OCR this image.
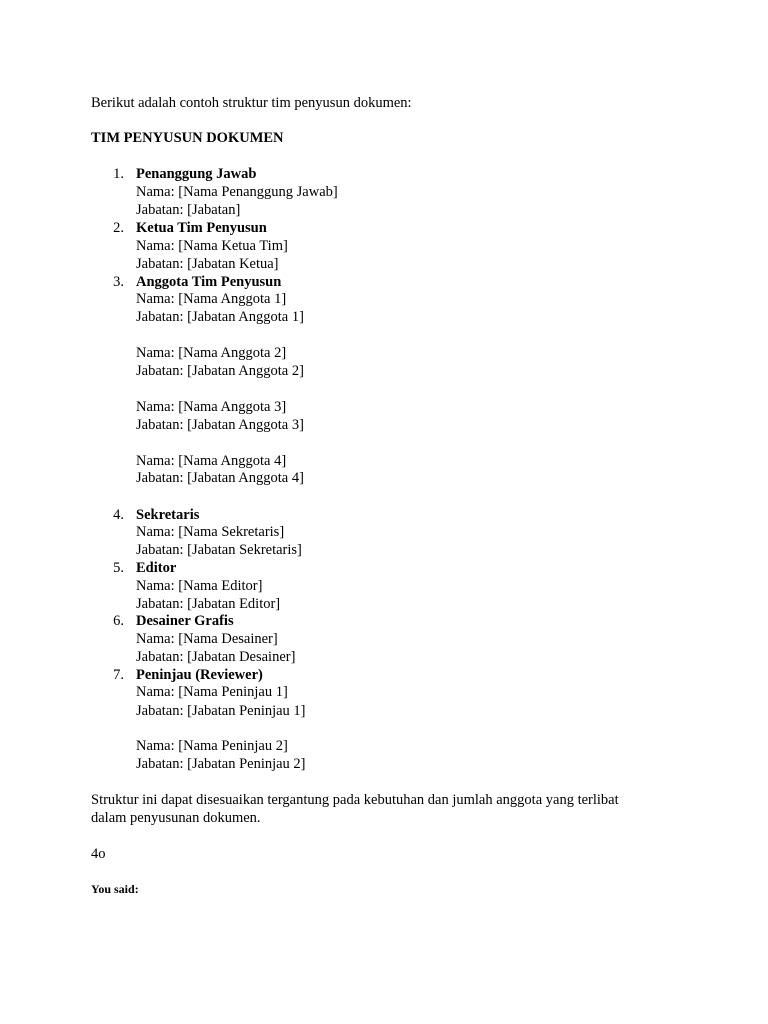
Berikut adalah contoh struktur tim penyusun dokumen:
TIM PENYUSUN DOKUMEN
1. Penanggung Jawab
Nama: [Nama Penanggung Jawab]
Jabatan: [Jabatan]
2. Ketua Tim Penyusun
Nama: [Nama Ketua Tim]
Jabatan: [Jabatan Ketua]
3. Anggota Tim Penyusun
Nama: [Nama Anggota 1]
Jabatan: [Jabatan Anggota 1]
Nama: [Nama Anggota 2]
Jabatan: [Jabatan Anggota 2]
Nama: [Nama Anggota 3]
Jabatan: [Jabatan Anggota 3]
Nama: [Nama Anggota 4]
Jabatan: [Jabatan Anggota 4]
4. Sekretaris
Nama: [Nama Sekretaris]
Jabatan: [Jabatan Sekretaris]
5. Editor
Nama: [Nama Editor]
Jabatan: [Jabatan Editor]
6. Desainer Grafis
Nama: [Nama Desainer]
Jabatan: [Jabatan Desainer]
7. Peninjau (Reviewer)
Nama: [Nama Peninjau 1]
Jabatan: [Jabatan Peninjau 1]
Nama: [Nama Peninjau 2]
Jabatan: [Jabatan Peninjau 2]
Struktur ini dapat disesuaikan tergantung pada kebutuhan dan jumlah anggota yang terlibat
dalam penyusunan dokumen.
4o
You said:
